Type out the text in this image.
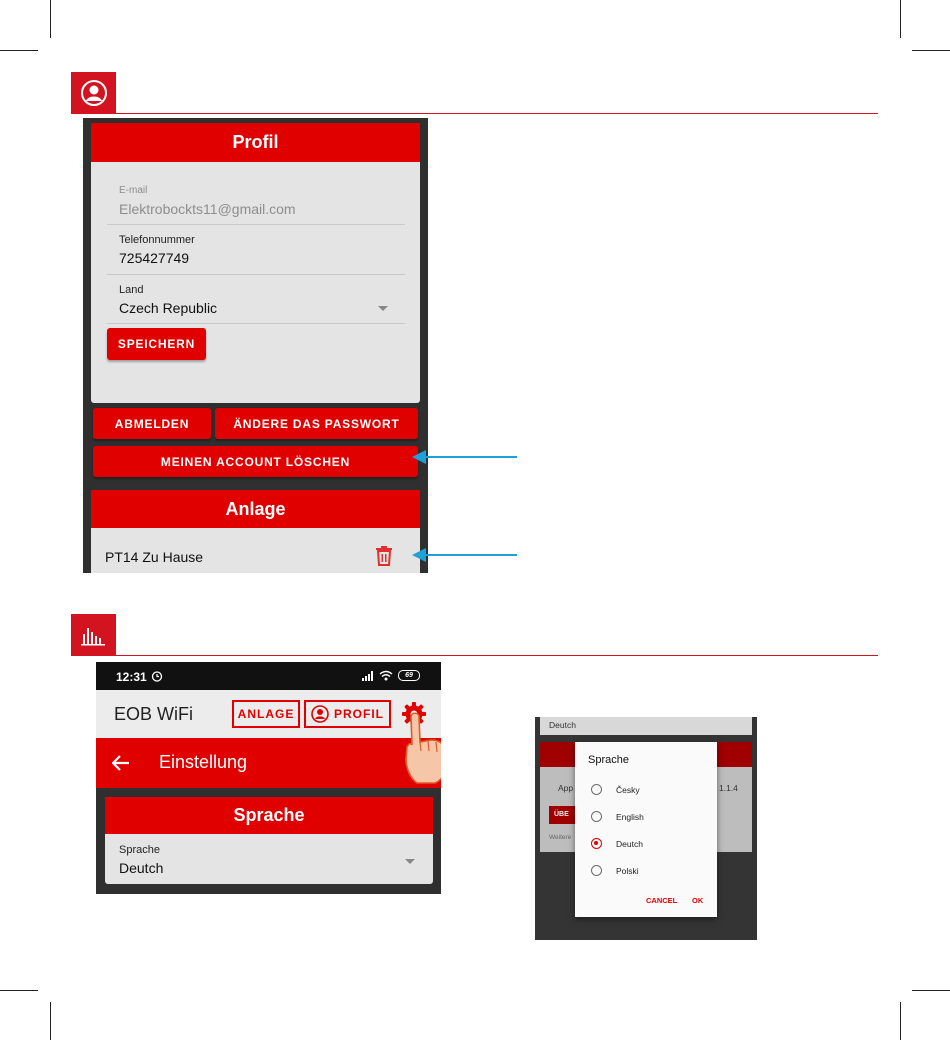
Profil
E-mail
Elektrobockts11@gmail.com
Telefonnummer
725427749
Land
Czech Republic
SPEICHERN
ABMELDEN	ÄNDERE DAS PASSWORT
MEINEN ACCOUNT LÖSCHEN
Anlage
PT14 Zu Hause
12:31	69
EOB WiFi	ANLAGE	PROFIL
Einstellung
Sprache
Sprache
Deutch
Deutch
App	1.1.4
ÜBE
Weitere
Sprache
Česky
English
Deutch
Polski
CANCEL OK
